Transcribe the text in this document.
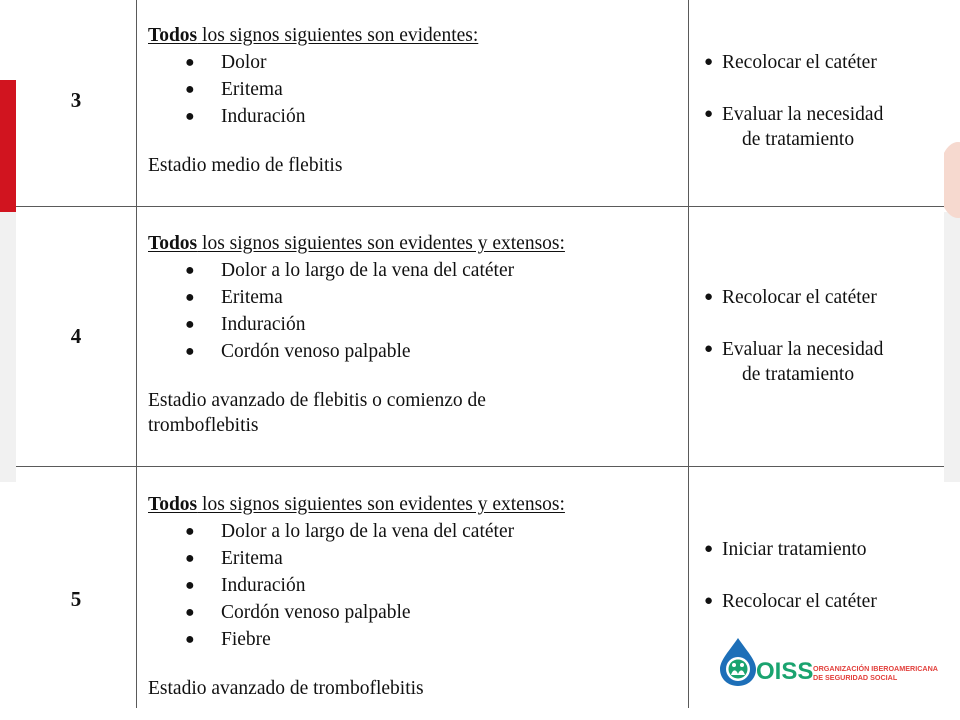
3
Todos los signos siguientes son evidentes:
● Dolor
● Eritema
● Induración
Estadio medio de flebitis
● Recolocar el catéter
● Evaluar la necesidad
de tratamiento
4
Todos los signos siguientes son evidentes y extensos:
● Dolor a lo largo de la vena del catéter
● Eritema
● Induración
● Cordón venoso palpable
Estadio avanzado de flebitis o comienzo de tromboflebitis
● Recolocar el catéter
● Evaluar la necesidad
de tratamiento
5
Todos los signos siguientes son evidentes y extensos:
● Dolor a lo largo de la vena del catéter
● Eritema
● Induración
● Cordón venoso palpable
● Fiebre
Estadio avanzado de tromboflebitis
● Iniciar tratamiento
● Recolocar el catéter
OISS ORGANIZACIÓN IBEROAMERICANA
DE SEGURIDAD SOCIAL
